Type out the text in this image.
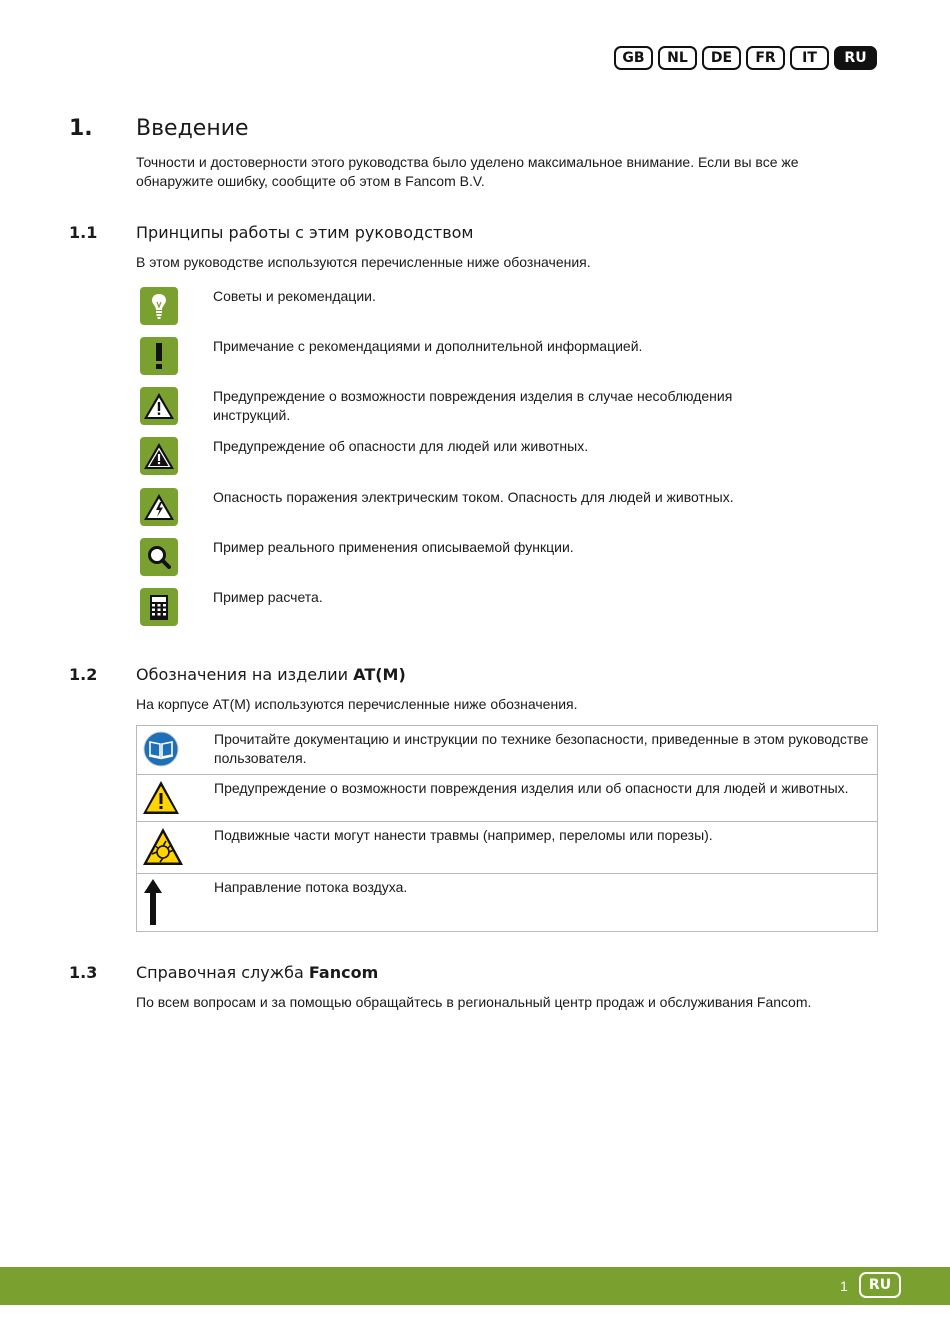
GB	NL	DE	FR	IT	RU
1. Введение
Точности и достоверности этого руководства было уделено максимальное внимание. Если вы все же обнаружите ошибку, сообщите об этом в Fancom B.V.
1.1 Принципы работы с этим руководством
В этом руководстве используются перечисленные ниже обозначения.
Советы и рекомендации.
Примечание с рекомендациями и дополнительной информацией.
Предупреждение о возможности повреждения изделия в случае несоблюдения инструкций.
Предупреждение об опасности для людей или животных.
Опасность поражения электрическим током. Опасность для людей и животных.
Пример реального применения описываемой функции.
Пример расчета.
1.2 Обозначения на изделии AT(M)
На корпусе AT(M) используются перечисленные ниже обозначения.
Прочитайте документацию и инструкции по технике безопасности, приведенные в этом руководстве пользователя.
Предупреждение о возможности повреждения изделия или об опасности для людей и животных.
Подвижные части могут нанести травмы (например, переломы или порезы).
Направление потока воздуха.
1.3 Справочная служба Fancom
По всем вопросам и за помощью обращайтесь в региональный центр продаж и обслуживания Fancom.
1	RU
